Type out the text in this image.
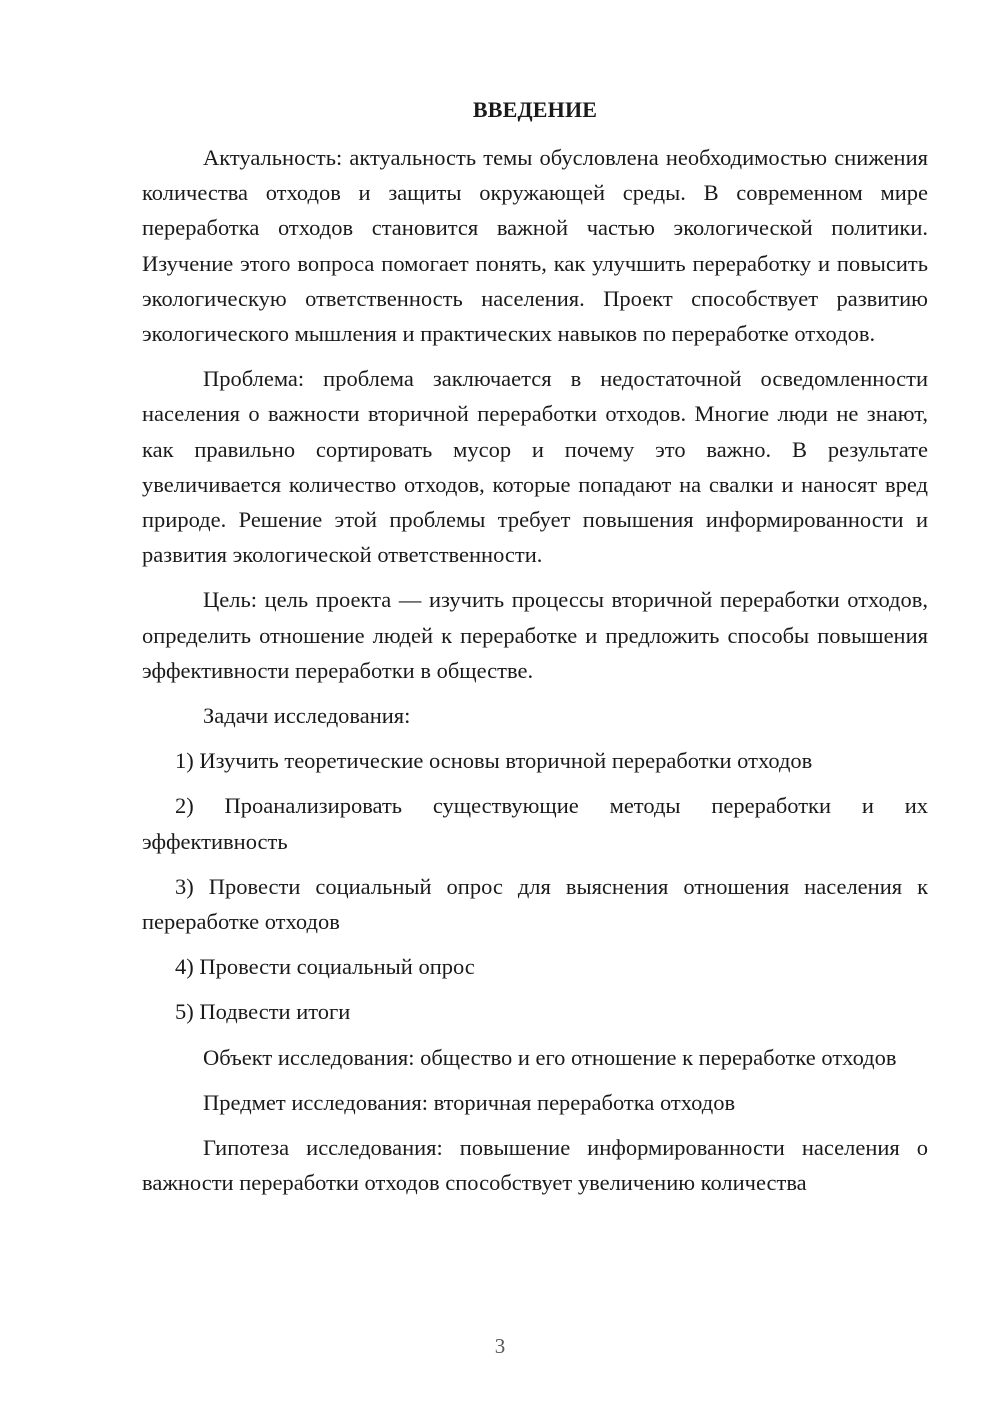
ВВЕДЕНИЕ

Актуальность: актуальность темы обусловлена необходимостью снижения количества отходов и защиты окружающей среды. В современном мире переработка отходов становится важной частью экологической политики. Изучение этого вопроса помогает понять, как улучшить переработку и повысить экологическую ответственность населения. Проект способствует развитию экологического мышления и практических навыков по переработке отходов.

Проблема: проблема заключается в недостаточной осведомленности населения о важности вторичной переработки отходов. Многие люди не знают, как правильно сортировать мусор и почему это важно. В результате увеличивается количество отходов, которые попадают на свалки и наносят вред природе. Решение этой проблемы требует повышения информированности и развития экологической ответственности.

Цель: цель проекта — изучить процессы вторичной переработки отходов, определить отношение людей к переработке и предложить способы повышения эффективности переработки в обществе.

Задачи исследования:

1) Изучить теоретические основы вторичной переработки отходов

2) Проанализировать существующие методы переработки и их эффективность

3) Провести социальный опрос для выяснения отношения населения к переработке отходов

4) Провести социальный опрос

5) Подвести итоги

Объект исследования: общество и его отношение к переработке отходов

Предмет исследования: вторичная переработка отходов

Гипотеза исследования: повышение информированности населения о важности переработки отходов способствует увеличению количества

3
